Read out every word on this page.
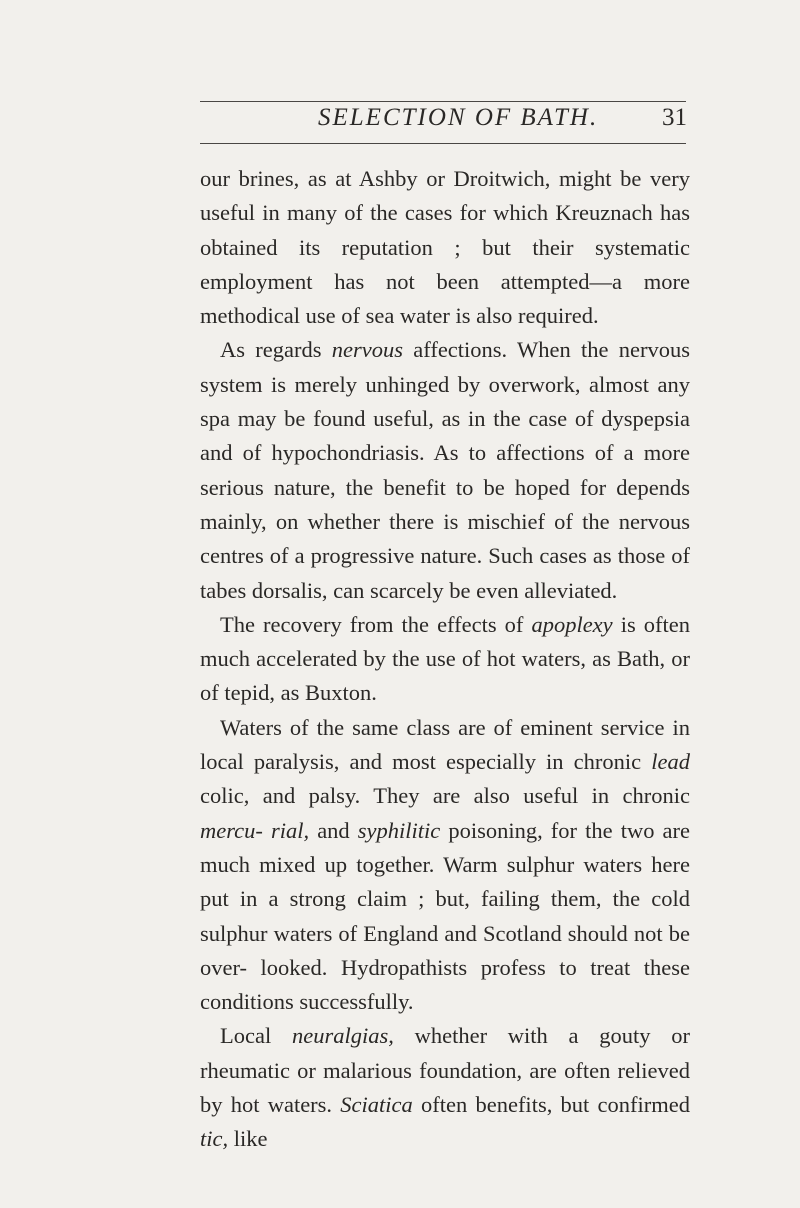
SELECTION OF BATH.	31

our brines, as at Ashby or Droitwich, might be very useful in many of the cases for which Kreuznach has obtained its reputation ; but their systematic employment has not been attempted—a more methodical use of sea water is also required.

As regards nervous affections. When the nervous system is merely unhinged by overwork, almost any spa may be found useful, as in the case of dyspepsia and of hypochondriasis. As to affections of a more serious nature, the benefit to be hoped for depends mainly, on whether there is mischief of the nervous centres of a progressive nature. Such cases as those of tabes dorsalis, can scarcely be even alleviated.

The recovery from the effects of apoplexy is often much accelerated by the use of hot waters, as Bath, or of tepid, as Buxton.

Waters of the same class are of eminent service in local paralysis, and most especially in chronic lead colic, and palsy. They are also useful in chronic mercu- rial, and syphilitic poisoning, for the two are much mixed up together. Warm sulphur waters here put in a strong claim ; but, failing them, the cold sulphur waters of England and Scotland should not be over- looked. Hydropathists profess to treat these conditions successfully.

Local neuralgias, whether with a gouty or rheumatic or malarious foundation, are often relieved by hot waters. Sciatica often benefits, but confirmed tic, like
